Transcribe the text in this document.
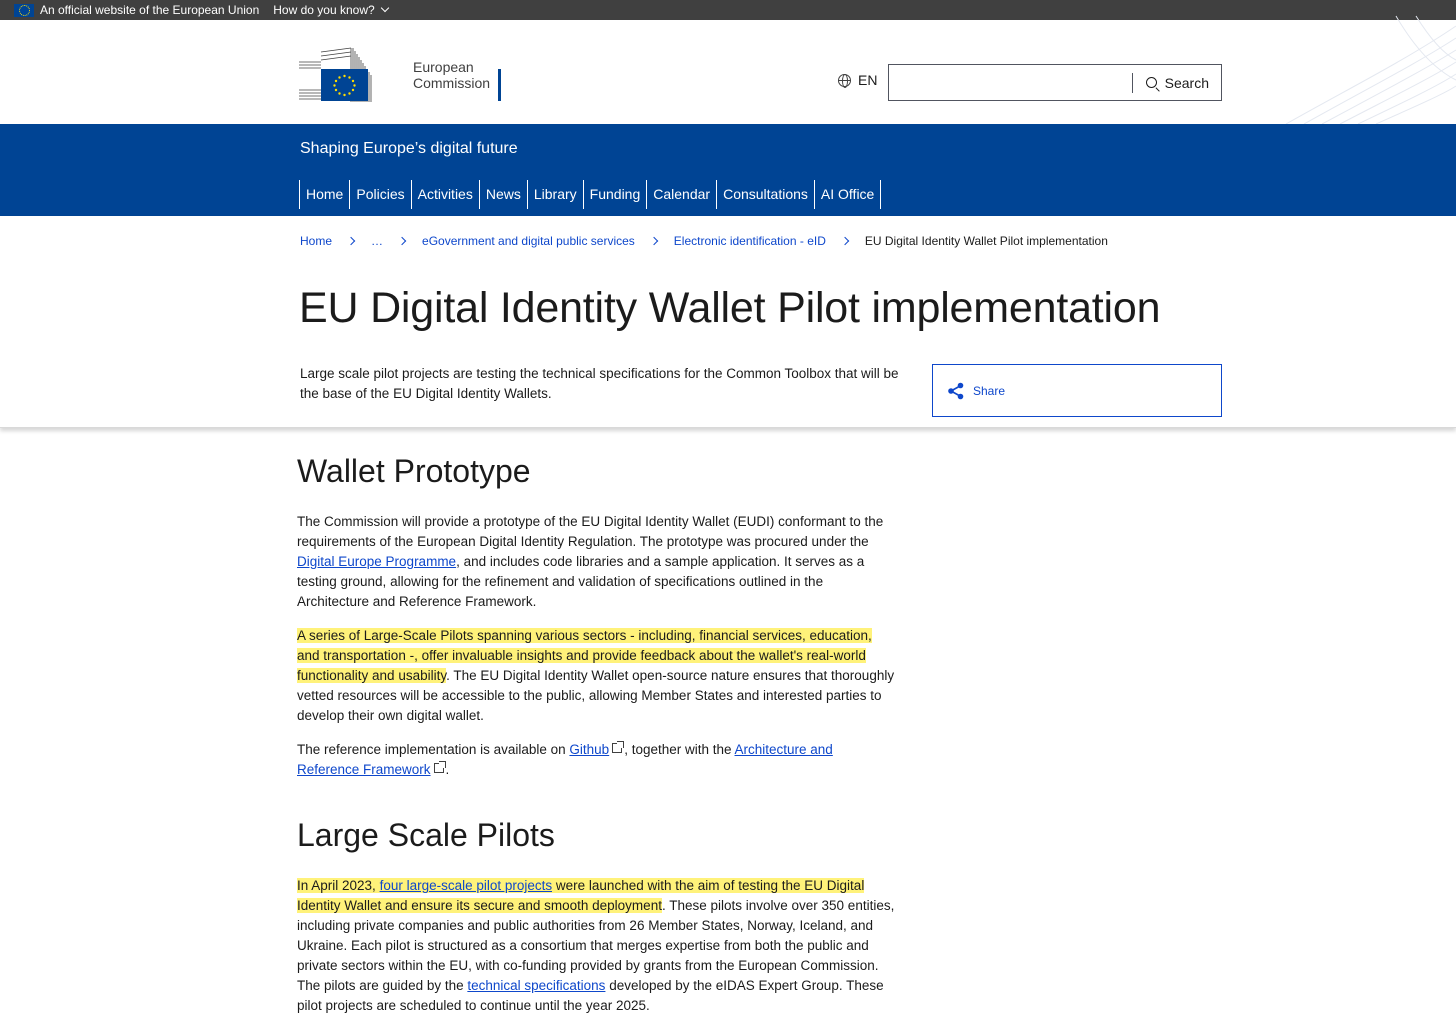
An official website of the European Union How do you know?
European
Commission	EN	Search
Shaping Europe’s digital future
Home Policies Activities News Library Funding Calendar Consultations AI Office
Home	…	eGovernment and digital public services	Electronic identification - eID	EU Digital Identity Wallet Pilot implementation
EU Digital Identity Wallet Pilot implementation

Large scale pilot projects are testing the technical specifications for the Common Toolbox that will be the base of the EU Digital Identity Wallets.	Share
Wallet Prototype

The Commission will provide a prototype of the EU Digital Identity Wallet (EUDI) conformant to the requirements of the European Digital Identity Regulation. The prototype was procured under the Digital Europe Programme, and includes code libraries and a sample application. It serves as a testing ground, allowing for the refinement and validation of specifications outlined in the Architecture and Reference Framework.

A series of Large-Scale Pilots spanning various sectors - including, financial services, education, and transportation -, offer invaluable insights and provide feedback about the wallet's real-world functionality and usability. The EU Digital Identity Wallet open-source nature ensures that thoroughly vetted resources will be accessible to the public, allowing Member States and interested parties to develop their own digital wallet.

The reference implementation is available on Github , together with the Architecture and Reference Framework .

Large Scale Pilots

In April 2023, four large-scale pilot projects were launched with the aim of testing the EU Digital Identity Wallet and ensure its secure and smooth deployment. These pilots involve over 350 entities, including private companies and public authorities from 26 Member States, Norway, Iceland, and Ukraine. Each pilot is structured as a consortium that merges expertise from both the public and private sectors within the EU, with co-funding provided by grants from the European Commission. The pilots are guided by the technical specifications developed by the eIDAS Expert Group. These pilot projects are scheduled to continue until the year 2025.
